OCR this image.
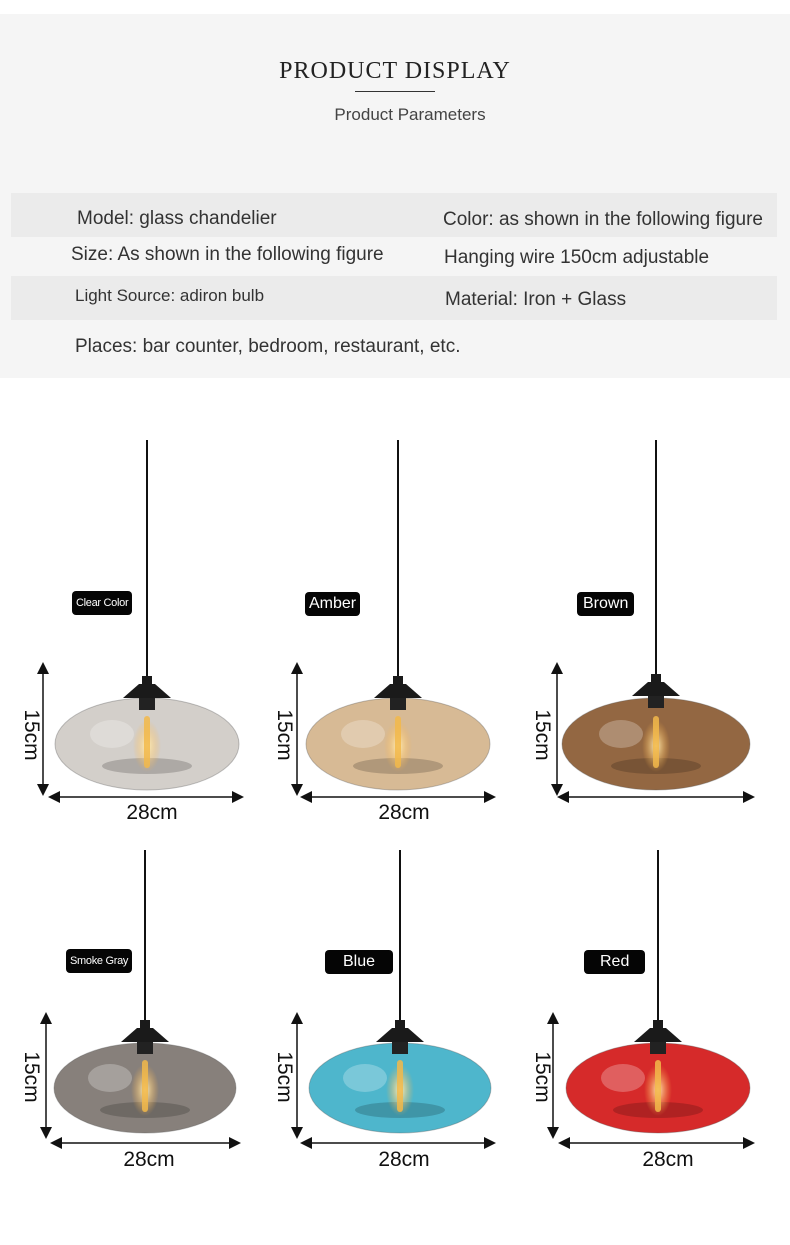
PRODUCT DISPLAY
Product Parameters
Model: glass chandelier	Color: as shown in the following figure
Size: As shown in the following figure	Hanging wire 150cm adjustable
Light Source: adiron bulb	Material: Iron + Glass
Places: bar counter, bedroom, restaurant, etc.
Clear Color	Amber	Brown
Smoke Gray	Blue	Red
28cm	28cm
28cm	28cm	28cm
15cm	15cm	15cm
15cm	15cm	15cm
